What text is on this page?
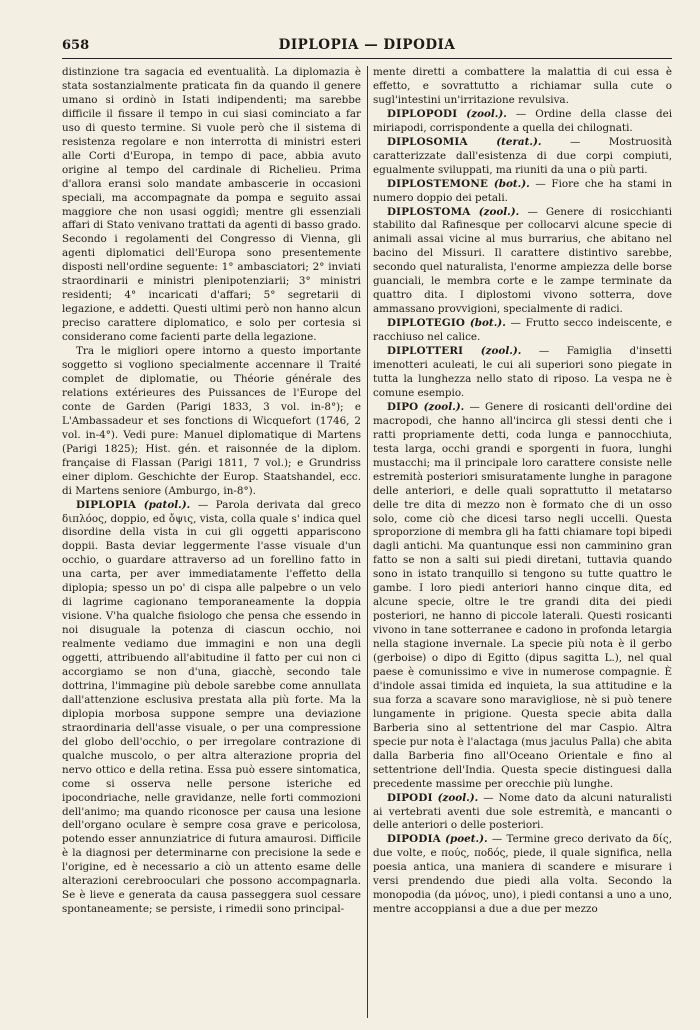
658	DIPLOPIA — DIPODIA

distinzione tra sagacia ed eventualità. La diplomazia è stata sostanzialmente praticata fin da quando il genere umano si ordinò in Istati indipendenti; ma sarebbe difficile il fissare il tempo in cui siasi cominciato a far uso di questo termine. Si vuole però che il sistema di resistenza regolare e non interrotta di ministri esteri alle Corti d'Europa, in tempo di pace, abbia avuto origine al tempo del cardinale di Richelieu. Prima d'allora eransi solo mandate ambascerie in occasioni speciali, ma accompagnate da pompa e seguito assai maggiore che non usasi oggidì; mentre gli essenziali affari di Stato venivano trattati da agenti di basso grado. Secondo i regolamenti del Congresso di Vienna, gli agenti diplomatici dell'Europa sono presentemente disposti nell'ordine seguente: 1° ambasciatori; 2° inviati straordinarii e ministri plenipotenziarii; 3° ministri residenti; 4° incaricati d'affari; 5° segretarii di legazione, e addetti. Questi ultimi però non hanno alcun preciso carattere diplomatico, e solo per cortesia si considerano come facienti parte della legazione.

Tra le migliori opere intorno a questo importante soggetto si vogliono specialmente accennare il Traité complet de diplomatie, ou Théorie générale des relations extérieures des Puissances de l'Europe del conte de Garden (Parigi 1833, 3 vol. in-8°); e L'Ambassadeur et ses fonctions di Wicquefort (1746, 2 vol. in-4°). Vedi pure: Manuel diplomatique di Martens (Parigi 1825); Hist. gén. et raisonnée de la diplom. française di Flassan (Parigi 1811, 7 vol.); e Grundriss einer diplom. Geschichte der Europ. Staatshandel, ecc. di Martens seniore (Amburgo, in-8°).

DIPLOPIA (patol.). — Parola derivata dal greco διπλόος, doppio, ed ὄψις, vista, colla quale s' indica quel disordine della vista in cui gli oggetti appariscono doppii. Basta deviar leggermente l'asse visuale d'un occhio, o guardare attraverso ad un forellino fatto in una carta, per aver immediatamente l'effetto della diplopia; spesso un po' di cispa alle palpebre o un velo di lagrime cagionano temporaneamente la doppia visione. V'ha qualche fisiologo che pensa che essendo in noi disuguale la potenza di ciascun occhio, noi realmente vediamo due immagini e non una degli oggetti, attribuendo all'abitudine il fatto per cui non ci accorgiamo se non d'una, giacchè, secondo tale dottrina, l'immagine più debole sarebbe come annullata dall'attenzione esclusiva prestata alla più forte. Ma la diplopia morbosa suppone sempre una deviazione straordinaria dell'asse visuale, o per una compressione del globo dell'occhio, o per irregolare contrazione di qualche muscolo, o per altra alterazione propria del nervo ottico e della retina. Essa può essere sintomatica, come si osserva nelle persone isteriche ed ipocondriache, nelle gravidanze, nelle forti commozioni dell'animo; ma quando riconosce per causa una lesione dell'organo oculare è sempre cosa grave e pericolosa, potendo esser annunziatrice di futura amaurosi. Difficile è la diagnosi per determinarne con precisione la sede e l'origine, ed è necessario a ciò un attento esame delle alterazioni cerebrooculari che possono accompagnarla. Se è lieve e generata da causa passeggera suol cessare spontaneamente; se persiste, i rimedii sono principal-

mente diretti a combattere la malattia di cui essa è effetto, e sovrattutto a richiamar sulla cute o sugl'intestini un'irritazione revulsiva.

DIPLOPODI (zool.). — Ordine della classe dei miriapodi, corrispondente a quella dei chilognati.

DIPLOSOMIA	(terat.).	— Mostruosità caratterizzate dall'esistenza di due corpi compiuti, egualmente sviluppati, ma riuniti da una o più parti.

DIPLOSTEMONE (bot.). — Fiore che ha stami in numero doppio dei petali.

DIPLOSTOMA (zool.). — Genere di rosicchianti stabilito dal Rafinesque per collocarvi alcune specie di animali assai vicine al mus burrarius, che abitano nel bacino del Missuri. Il carattere distintivo sarebbe, secondo quel naturalista, l'enorme ampiezza delle borse guanciali, le membra corte e le zampe terminate da quattro dita. I diplostomi vivono sotterra, dove ammassano provvigioni, specialmente di radici.

DIPLOTEGIO (bot.). — Frutto secco indeiscente, e racchiuso nel calice.

DIPLOTTERI (zool.). — Famiglia d'insetti imenotteri aculeati, le cui ali superiori sono piegate in tutta la lunghezza nello stato di riposo. La vespa ne è comune esempio.

DIPO (zool.). — Genere di rosicanti dell'ordine dei macropodi, che hanno all'incirca gli stessi denti che i ratti propriamente detti, coda lunga e pannocchiuta, testa larga, occhi grandi e sporgenti in fuora, lunghi mustacchi; ma il principale loro carattere consiste nelle estremità posteriori smisuratamente lunghe in paragone delle anteriori, e delle quali soprattutto il metatarso delle tre dita di mezzo non è formato che di un osso solo, come ciò che dicesi tarso negli uccelli. Questa sproporzione di membra gli ha fatti chiamare topi bipedi dagli antichi. Ma quantunque essi non camminino gran fatto se non a salti sui piedi diretani, tuttavia quando sono in istato tranquillo si tengono su tutte quattro le gambe. I loro piedi anteriori hanno cinque dita, ed alcune specie, oltre le tre grandi dita dei piedi posteriori, ne hanno di piccole laterali. Questi rosicanti vivono in tane sotterranee e cadono in profonda letargia nella stagione invernale. La specie più nota è il gerbo (gerboise) o dipo di Egitto (dipus sagitta L.), nel qual paese è comunissimo e vive in numerose compagnie. È d'indole assai timida ed inquieta, la sua attitudine e la sua forza a scavare sono maravigliose, nè si può tenere lungamente in prigione. Questa specie abita dalla Barberia sino al settentrione del mar Caspio. Altra specie pur nota è l'alactaga (mus jaculus Palla) che abita dalla Barberia fino all'Oceano Orientale e fino al settentrione dell'India. Questa specie distinguesi dalla precedente massime per orecchie più lunghe.

DIPODI (zool.). — Nome dato da alcuni naturalisti ai vertebrati aventi due sole estremità, e mancanti o delle anteriori o delle posteriori.

DIPODIA (poet.). — Termine greco derivato da δίς, due volte, e πούς, ποδός, piede, il quale significa, nella poesia antica, una maniera di scandere e misurare i versi prendendo due piedi alla volta. Secondo la monopodia (da μόνος, uno), i piedi contansi a uno a uno, mentre accoppiansi a due a due per mezzo
